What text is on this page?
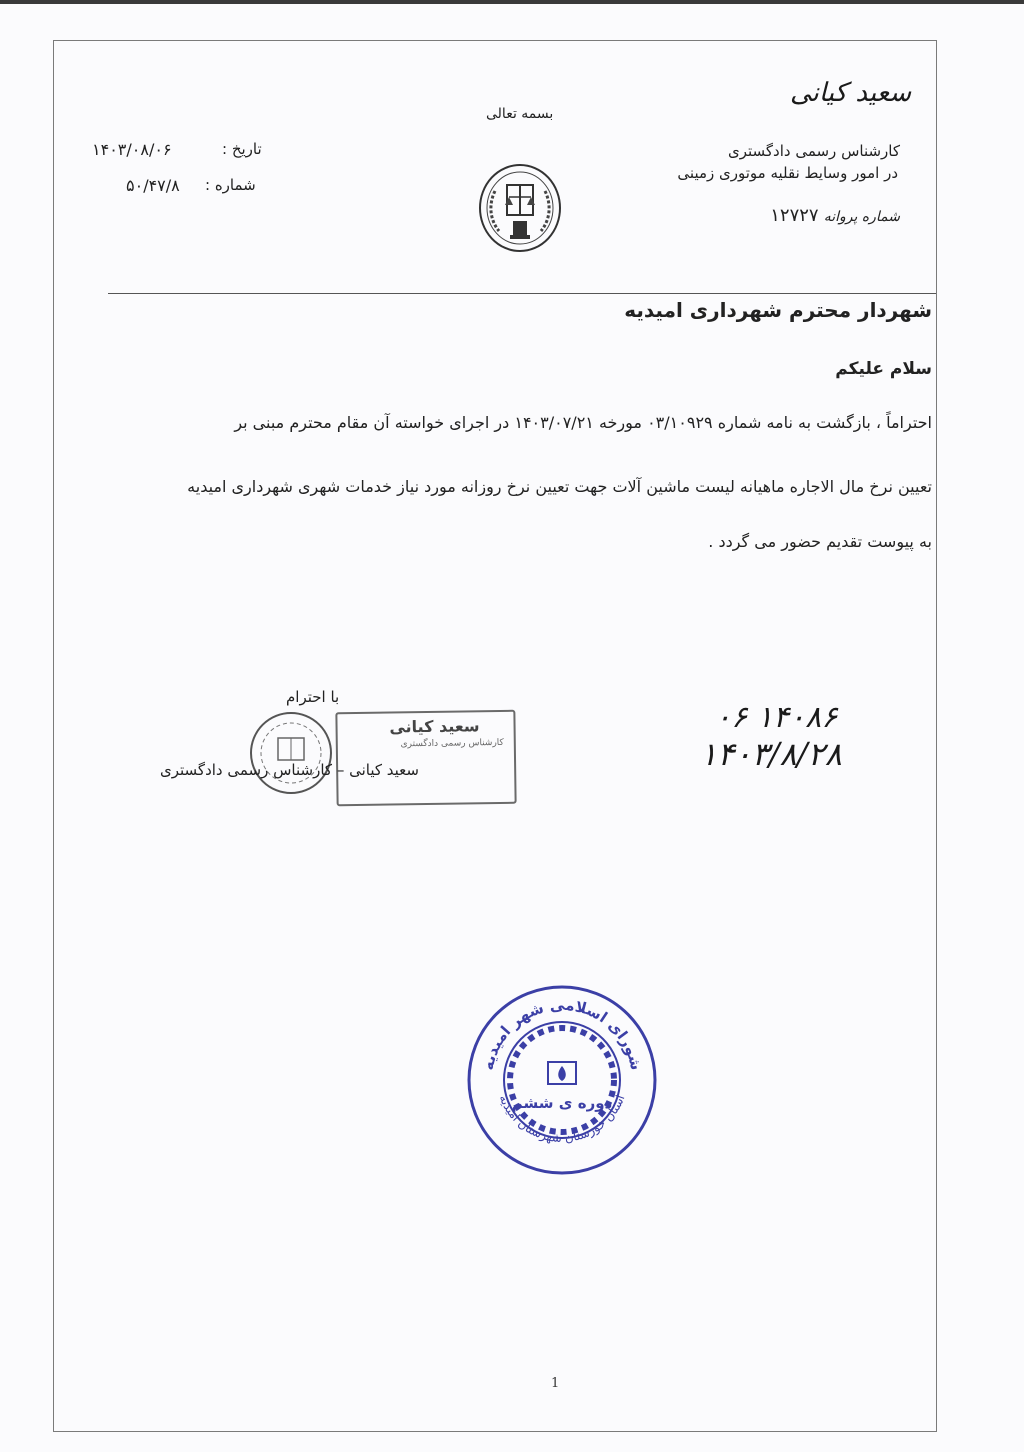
سعید کیانی
کارشناس رسمی دادگستری
در امور وسایط نقلیه موتوری زمینی
شماره پروانه ۱۲۷۲۷
بسمه تعالی
تاریخ :
۱۴۰۳/۰۸/۰۶
شماره :
۵۰/۴۷/۸
شهردار محترم شهرداری امیدیه
سلام علیکم
احتراماً ، بازگشت به نامه شماره ۰۳/۱۰۹۲۹ مورخه ۱۴۰۳/۰۷/۲۱ در اجرای خواسته آن مقام محترم مبنی بر
تعیین نرخ مال الاجاره ماهیانه لیست ماشین آلات جهت تعیین نرخ روزانه مورد نیاز خدمات شهری شهرداری امیدیه
به پیوست تقدیم حضور می گردد .
با احترام
سعید کیانی
کارشناس رسمی دادگستری
سعید کیانی – کارشناس رسمی دادگستری
۰۶ ۱۴۰۸۶
۱۴۰۳/۸/۲۸
شورای اسلامی شهر امیدیه
استان خوزستان شهرستان امیدیه
دوره ی ششم
1
